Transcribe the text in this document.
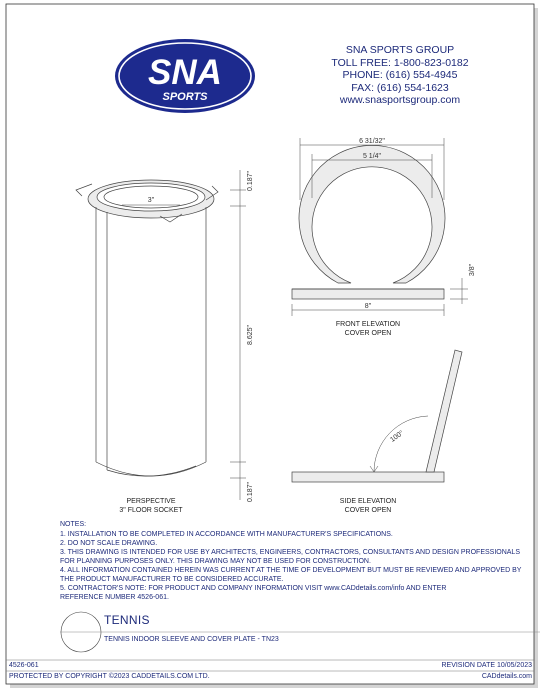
SNA
SPORTS
3"
0.187"
8.625"
0.187"
6 31/32"
5 1/4"
3/8"
8"
100°
SNA SPORTS GROUP
TOLL FREE: 1-800-823-0182
PHONE: (616) 554-4945
FAX: (616) 554-1623
www.snasportsgroup.com
PERSPECTIVE
3" FLOOR SOCKET
FRONT ELEVATION
COVER OPEN
SIDE ELEVATION
COVER OPEN
NOTES:
1. INSTALLATION TO BE COMPLETED IN ACCORDANCE WITH MANUFACTURER'S SPECIFICATIONS.
2. DO NOT SCALE DRAWING.
3. THIS DRAWING IS INTENDED FOR USE BY ARCHITECTS, ENGINEERS, CONTRACTORS, CONSULTANTS AND DESIGN PROFESSIONALS
FOR PLANNING PURPOSES ONLY. THIS DRAWING MAY NOT BE USED FOR CONSTRUCTION.
4. ALL INFORMATION CONTAINED HEREIN WAS CURRENT AT THE TIME OF DEVELOPMENT BUT MUST BE REVIEWED AND APPROVED BY
THE PRODUCT MANUFACTURER TO BE CONSIDERED ACCURATE.
5. CONTRACTOR'S NOTE: FOR PRODUCT AND COMPANY INFORMATION VISIT www.CADdetails.com/info AND ENTER
REFERENCE NUMBER 4526-061.
TENNIS
TENNIS INDOOR SLEEVE AND COVER PLATE - TN23
4526-061	REVISION DATE 10/05/2023
PROTECTED BY COPYRIGHT ©2023 CADDETAILS.COM LTD.	CADdetails.com
